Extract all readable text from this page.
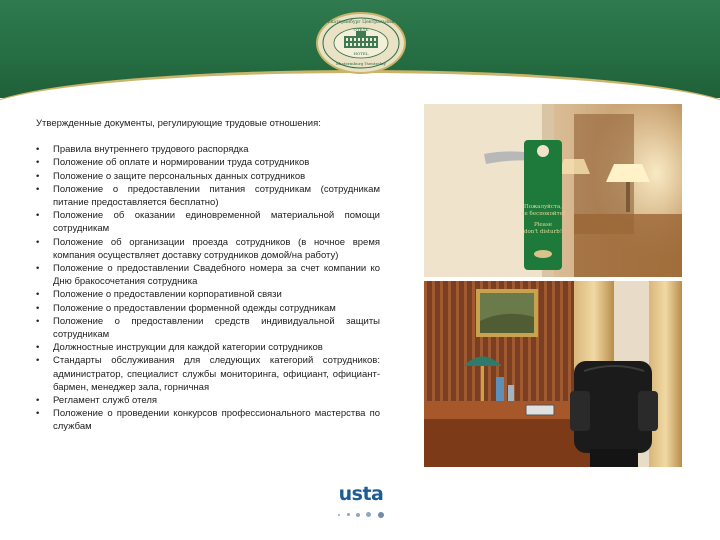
Екатеринбург Центральный
ОТЕЛЬ
HOTEL
Ekaterinburg Tsentralny

Утвержденные документы, регулирующие трудовые отношения:

• Правила внутреннего трудового распорядка
• Положение об оплате и нормировании труда сотрудников
• Положение о защите персональных данных сотрудников
• Положение о предоставлении питания сотрудникам (сотрудникам питание предоставляется бесплатно)
• Положение об оказании единовременной материальной помощи сотрудникам
• Положение об организации проезда сотрудников (в ночное время компания осуществляет доставку сотрудников домой/на работу)
• Положение о предоставлении Свадебного номера за счет компании ко Дню бракосочетания сотрудника
• Положение о предоставлении корпоративной связи
• Положение о предоставлении форменной одежды сотрудникам
• Положение о предоставлении средств индивидуальной защиты сотрудникам
• Должностные инструкции для каждой категории сотрудников
• Стандарты обслуживания для следующих категорий сотрудников: администратор, специалист службы мониторинга, официант, официант-бармен, менеджер зала, горничная
• Регламент служб отеля
• Положение о проведении конкурсов профессионального мастерства по службам
Пожалуйста,
не беспокойте!
Please
don't disturb!
usta
